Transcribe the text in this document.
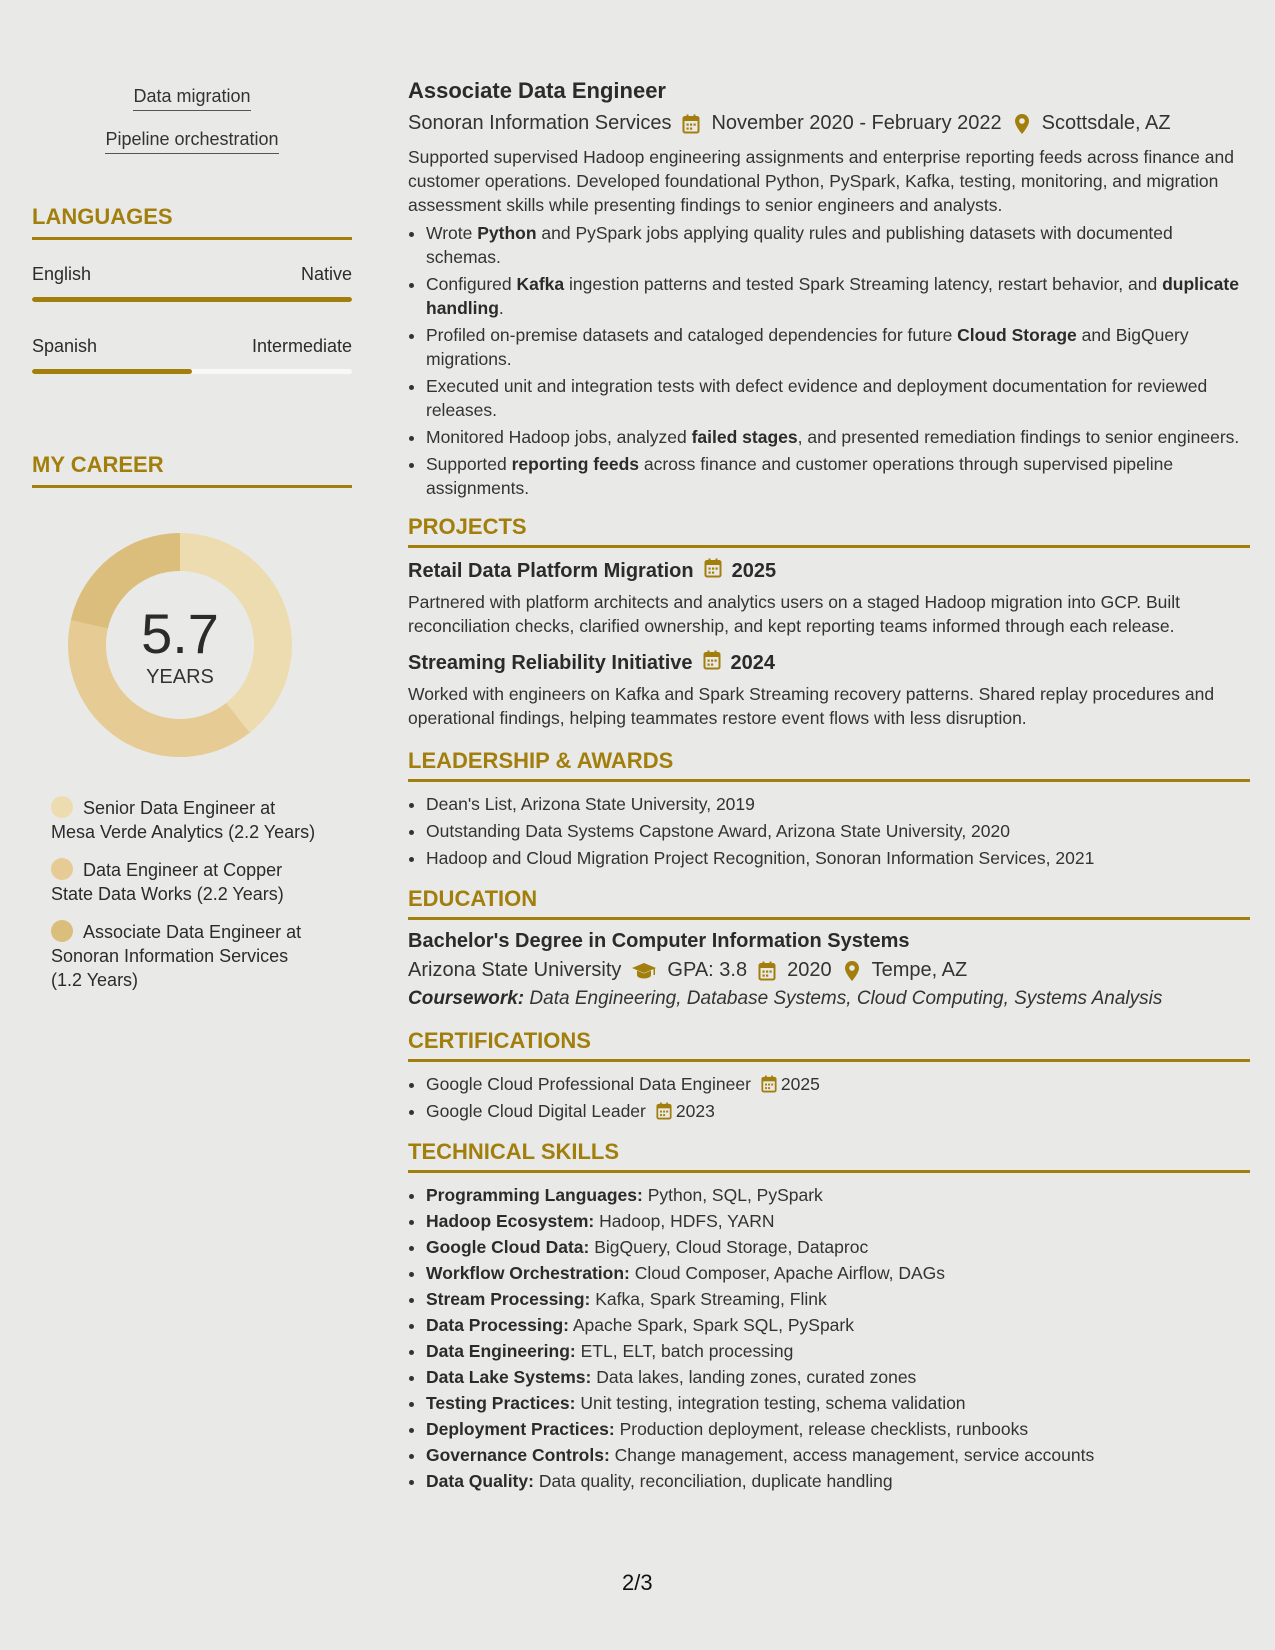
Data migration
Pipeline orchestration
LANGUAGES
English	Native
Spanish	Intermediate
MY CAREER
5.7
YEARS
Senior Data Engineer at Mesa Verde Analytics (2.2 Years)
Data Engineer at Copper State Data Works (2.2 Years)
Associate Data Engineer at Sonoran Information Services (1.2 Years)
Associate Data Engineer
Sonoran Information Services November 2020 - February 2022 Scottsdale, AZ

Supported supervised Hadoop engineering assignments and enterprise reporting feeds across finance and customer operations. Developed foundational Python, PySpark, Kafka, testing, monitoring, and migration assessment skills while presenting findings to senior engineers and analysts.

• Wrote Python and PySpark jobs applying quality rules and publishing datasets with documented schemas.
• Configured Kafka ingestion patterns and tested Spark Streaming latency, restart behavior, and duplicate handling.
• Profiled on-premise datasets and cataloged dependencies for future Cloud Storage and BigQuery migrations.
• Executed unit and integration tests with defect evidence and deployment documentation for reviewed releases.
• Monitored Hadoop jobs, analyzed failed stages, and presented remediation findings to senior engineers.
• Supported reporting feeds across finance and customer operations through supervised pipeline assignments.
PROJECTS
Retail Data Platform Migration 2025

Partnered with platform architects and analytics users on a staged Hadoop migration into GCP. Built reconciliation checks, clarified ownership, and kept reporting teams informed through each release.

Streaming Reliability Initiative 2024

Worked with engineers on Kafka and Spark Streaming recovery patterns. Shared replay procedures and operational findings, helping teammates restore event flows with less disruption.

LEADERSHIP & AWARDS
• Dean's List, Arizona State University, 2019
• Outstanding Data Systems Capstone Award, Arizona State University, 2020
• Hadoop and Cloud Migration Project Recognition, Sonoran Information Services, 2021
EDUCATION
Bachelor's Degree in Computer Information Systems
Arizona State University GPA: 3.8 2020 Tempe, AZ
Coursework: Data Engineering, Database Systems, Cloud Computing, Systems Analysis
CERTIFICATIONS
• Google Cloud Professional Data Engineer 2025
• Google Cloud Digital Leader 2023
TECHNICAL SKILLS
• Programming Languages: Python, SQL, PySpark
• Hadoop Ecosystem: Hadoop, HDFS, YARN
• Google Cloud Data: BigQuery, Cloud Storage, Dataproc
• Workflow Orchestration: Cloud Composer, Apache Airflow, DAGs
• Stream Processing: Kafka, Spark Streaming, Flink
• Data Processing: Apache Spark, Spark SQL, PySpark
• Data Engineering: ETL, ELT, batch processing
• Data Lake Systems: Data lakes, landing zones, curated zones
• Testing Practices: Unit testing, integration testing, schema validation
• Deployment Practices: Production deployment, release checklists, runbooks
• Governance Controls: Change management, access management, service accounts
• Data Quality: Data quality, reconciliation, duplicate handling
2/3
